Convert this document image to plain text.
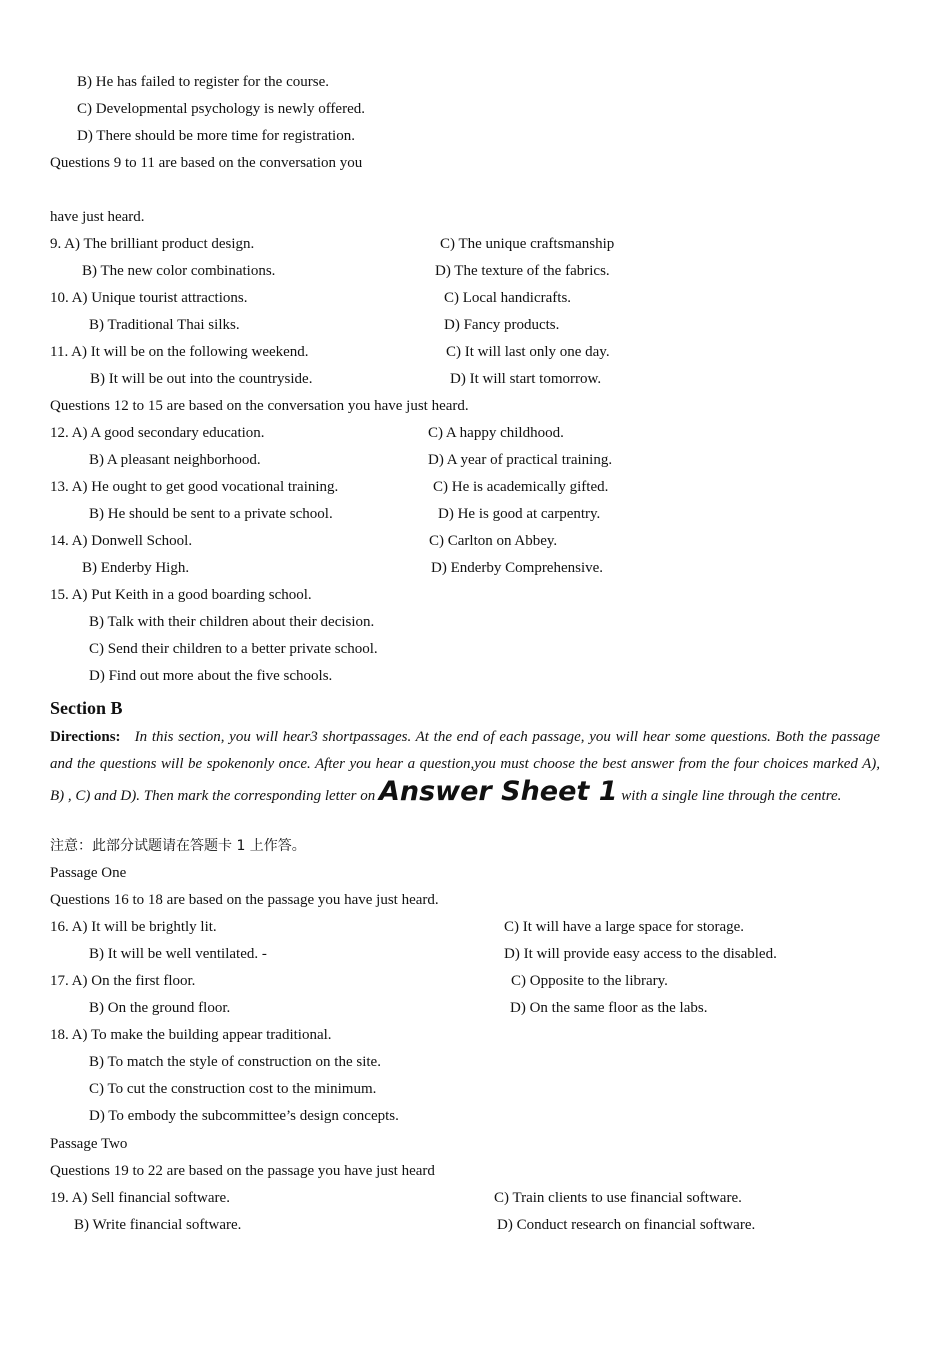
B) He has failed to register for the course.
C) Developmental psychology is newly offered.
D) There should be more time for registration.
Questions 9 to 11 are based on the conversation you
have just heard.
9. A) The brilliant product design.	C) The unique craftsmanship
B) The new color combinations.	D) The texture of the fabrics.
10. A) Unique tourist attractions.	C) Local handicrafts.
B) Traditional Thai silks.	D) Fancy products.
11. A) It will be on the following weekend.	C) It will last only one day.
B) It will be out into the countryside.	D) It will start tomorrow.
Questions 12 to 15 are based on the conversation you have just heard.
12. A) A good secondary education.	C) A happy childhood.
B) A pleasant neighborhood.	D) A year of practical training.
13. A) He ought to get good vocational training.	C) He is academically gifted.
B) He should be sent to a private school.	D) He is good at carpentry.
14. A) Donwell School.	C) Carlton on Abbey.
B) Enderby High.	D) Enderby Comprehensive.
15. A) Put Keith in a good boarding school.
B) Talk with their children about their decision.
C) Send their children to a better private school.
D) Find out more about the five schools.
Section B
Directions: In this section, you will hear3 shortpassages. At the end of each passage, you will hear some questions. Both the passage and the questions will be spokenonly once. After you hear a question,you must choose the best answer from the four choices marked A), B) , C) and D). Then mark the corresponding letter on Answer Sheet 1 with a single line through the centre.
注意：此部分试题请在答题卡 1 上作答。
Passage One
Questions 16 to 18 are based on the passage you have just heard.
16. A) It will be brightly lit.	C) It will have a large space for storage.
B) It will be well ventilated. -	D) It will provide easy access to the disabled.
17. A) On the first floor.	C) Opposite to the library.
B) On the ground floor.	D) On the same floor as the labs.
18. A) To make the building appear traditional.
B) To match the style of construction on the site.
C) To cut the construction cost to the minimum.
D) To embody the subcommittee’s design concepts.
Passage Two
Questions 19 to 22 are based on the passage you have just heard
19. A) Sell financial software.	C) Train clients to use financial software.
B) Write financial software.	D) Conduct research on financial software.
